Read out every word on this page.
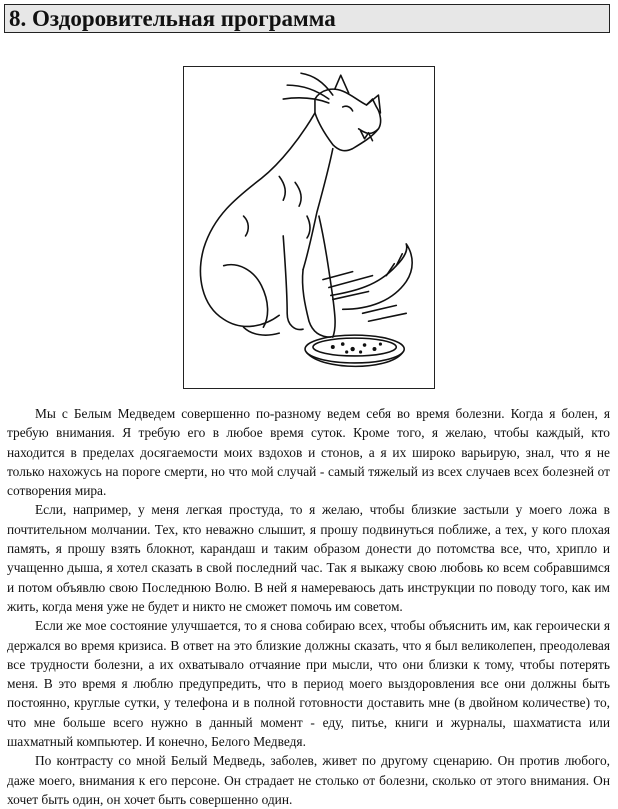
8. Оздоровительная программа

Мы с Белым Медведем совершенно по-разному ведем себя во время болезни. Когда я болен, я требую внимания. Я требую его в любое время суток. Кроме того, я желаю, чтобы каждый, кто находится в пределах досягаемости моих вздохов и стонов, а я их широко варьирую, знал, что я не только нахожусь на пороге смерти, но что мой случай - самый тяжелый из всех случаев всех болезней от сотворения мира.

Если, например, у меня легкая простуда, то я желаю, чтобы близкие застыли у моего ложа в почтительном молчании. Тех, кто неважно слышит, я прошу подвинуться поближе, а тех, у кого плохая память, я прошу взять блокнот, карандаш и таким образом донести до потомства все, что, хрипло и учащенно дыша, я хотел сказать в свой последний час. Так я выкажу свою любовь ко всем собравшимся и потом объявлю свою Последнюю Волю. В ней я намереваюсь дать инструкции по поводу того, как им жить, когда меня уже не будет и никто не сможет помочь им советом.

Если же мое состояние улучшается, то я снова собираю всех, чтобы объяснить им, как героически я держался во время кризиса. В ответ на это близкие должны сказать, что я был великолепен, преодолевая все трудности болезни, а их охватывало отчаяние при мысли, что они близки к тому, чтобы потерять меня. В это время я люблю предупредить, что в период моего выздоровления все они должны быть постоянно, круглые сутки, у телефона и в полной готовности доставить мне (в двойном количестве) то, что мне больше всего нужно в данный момент - еду, питье, книги и журналы, шахматиста или шахматный компьютер. И конечно, Белого Медведя.

По контрасту со мной Белый Медведь, заболев, живет по другому сценарию. Он против любого, даже моего, внимания к его персоне. Он страдает не столько от болезни, сколько от этого внимания. Он хочет быть один, он хочет быть совершенно один.
